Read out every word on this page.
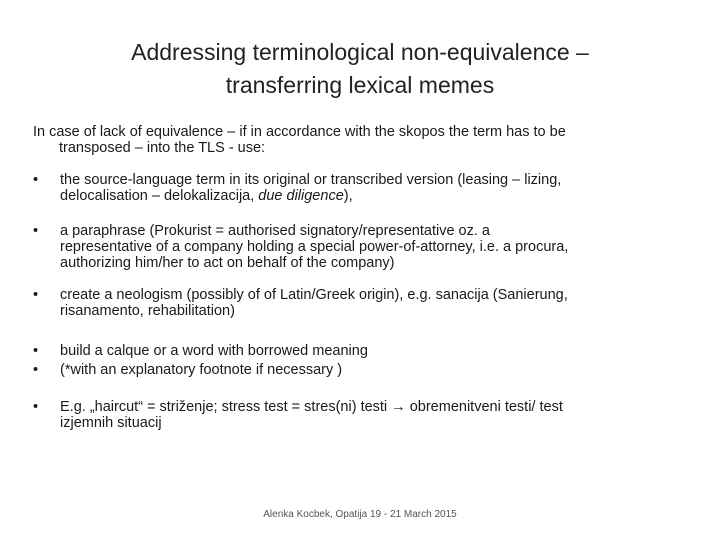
Addressing terminological non-equivalence –
transferring lexical memes
In case of lack of equivalence – if in accordance with the skopos the term has to be
transposed – into the TLS - use:
•	the source-language term in its original or transcribed version (leasing – lizing,
delocalisation – delokalizacija, due diligence),
•	a paraphrase (Prokurist = authorised signatory/representative oz. a
representative of a company holding a special power-of-attorney, i.e. a procura,
authorizing him/her to act on behalf of the company)
•	create a neologism (possibly of of Latin/Greek origin), e.g. sanacija (Sanierung,
risanamento, rehabilitation)
•	build a calque or a word with borrowed meaning
•	(*with an explanatory footnote if necessary )
•	E.g. „haircut“ = striženje; stress test = stres(ni) testi → obremenitveni testi/ test
izjemnih situacij
Alenka Kocbek, Opatija 19 - 21 March 2015
